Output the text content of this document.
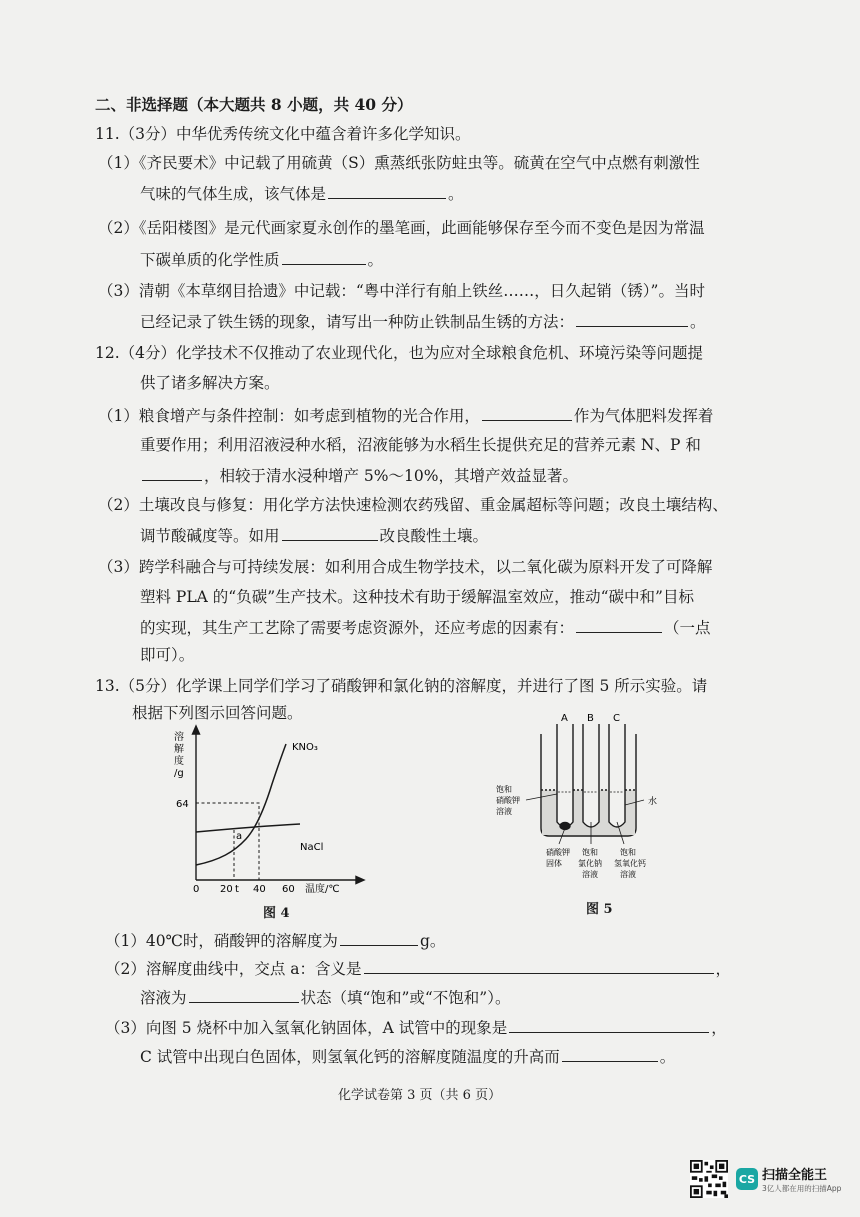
二、非选择题（本大题共 8 小题，共 40 分）
11.（3分）中华优秀传统文化中蕴含着许多化学知识。
（1）《齐民要术》中记载了用硫黄（S）熏蒸纸张防蛀虫等。硫黄在空气中点燃有刺激性
气味的气体生成，该气体是	。
（2）《岳阳楼图》是元代画家夏永创作的墨笔画，此画能够保存至今而不变色是因为常温
下碳单质的化学性质	。
（3）清朝《本草纲目拾遗》中记载：“粤中洋行有舶上铁丝……，日久起销（锈）”。当时
已经记录了铁生锈的现象，请写出一种防止铁制品生锈的方法：	。
12.（4分）化学技术不仅推动了农业现代化，也为应对全球粮食危机、环境污染等问题提
供了诸多解决方案。
（1）粮食增产与条件控制：如考虑到植物的光合作用，	作为气体肥料发挥着
重要作用；利用沼液浸种水稻，沼液能够为水稻生长提供充足的营养元素 N、P 和
，相较于清水浸种增产 5%～10%，其增产效益显著。
（2）土壤改良与修复：用化学方法快速检测农药残留、重金属超标等问题；改良土壤结构、
调节酸碱度等。如用	改良酸性土壤。
（3）跨学科融合与可持续发展：如利用合成生物学技术，以二氧化碳为原料开发了可降解
塑料 PLA 的“负碳”生产技术。这种技术有助于缓解温室效应，推动“碳中和”目标
的实现，其生产工艺除了需要考虑资源外，还应考虑的因素有：	（一点
即可）。
13.（5分）化学课上同学们学习了硝酸钾和氯化钠的溶解度，并进行了图 5 所示实验。请
根据下列图示回答问题。
溶
解
度
/g
64
KNO₃
NaCl
a
0 20 t 40 60 温度/℃
图 4
A B C
饱和
硝酸钾
溶液
水
硝酸钾
固体
饱和
氯化钠
溶液
饱和
氢氧化钙
溶液
图 5
（1）40℃时，硝酸钾的溶解度为	g。
（2）溶解度曲线中，交点 a：含义是	，
溶液为	状态（填“饱和”或“不饱和”）。
（3）向图 5 烧杯中加入氢氧化钠固体，A 试管中的现象是	，
C 试管中出现白色固体，则氢氧化钙的溶解度随温度的升高而	。
化学试卷第 3 页（共 6 页）
CS 扫描全能王
3亿人都在用的扫描App
